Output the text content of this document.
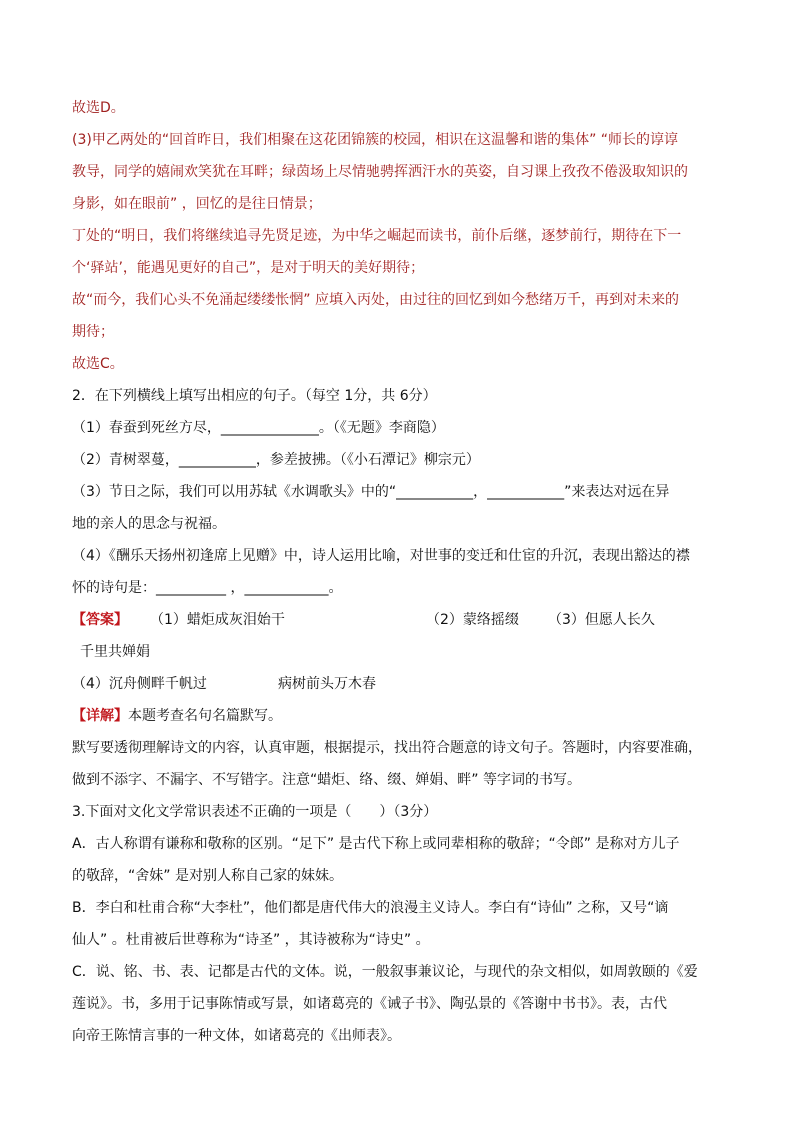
故选D。
(3)甲乙两处的“回首昨日，我们相聚在这花团锦簇的校园，相识在这温馨和谐的集体” “师长的谆谆
教导，同学的嬉闹欢笑犹在耳畔；绿茵场上尽情驰骋挥洒汗水的英姿，自习课上孜孜不倦汲取知识的
身影，如在眼前” ，回忆的是往日情景；
丁处的“明日，我们将继续追寻先贤足迹，为中华之崛起而读书，前仆后继，逐梦前行，期待在下一
个‘驿站’，能遇见更好的自己”，是对于明天的美好期待；
故“而今，我们心头不免涌起缕缕怅惘” 应填入丙处，由过往的回忆到如今愁绪万千，再到对未来的
期待；
故选C。
2．在下列横线上填写出相应的句子。（每空 1分，共 6分）
（1）春蚕到死丝方尽，______________。（《无题》李商隐）
（2）青树翠蔓，___________，参差披拂。（《小石潭记》柳宗元）
（3）节日之际，我们可以用苏轼《水调歌头》中的“___________，___________”来表达对远在异
地的亲人的思念与祝福。
（4）《酬乐天扬州初逢席上见赠》中，诗人运用比喻，对世事的变迁和仕宦的升沉，表现出豁达的襟
怀的诗句是：__________ ，____________。
【答案】 （1）蜡炬成灰泪始干	（2）蒙络摇缀 （3）但愿人长久
千里共婵娟
（4）沉舟侧畔千帆过	病树前头万木春
【详解】本题考查名句名篇默写。
默写要透彻理解诗文的内容，认真审题，根据提示，找出符合题意的诗文句子。答题时，内容要准确，
做到不添字、不漏字、不写错字。注意“蜡炬、络、缀、婵娟、畔” 等字词的书写。
3.下面对文化文学常识表述不正确的一项是（　　）（3分）
A．古人称谓有谦称和敬称的区别。“足下” 是古代下称上或同辈相称的敬辞；“令郎” 是称对方儿子
的敬辞，“舍妹” 是对别人称自己家的妹妹。
B．李白和杜甫合称“大李杜”，他们都是唐代伟大的浪漫主义诗人。李白有“诗仙” 之称，又号“谪
仙人” 。杜甫被后世尊称为“诗圣” ，其诗被称为“诗史” 。
C．说、铭、书、表、记都是古代的文体。说，一般叙事兼议论，与现代的杂文相似，如周敦颐的《爱
莲说》。书，多用于记事陈情或写景，如诸葛亮的《诫子书》、陶弘景的《答谢中书书》。表，古代
向帝王陈情言事的一种文体，如诸葛亮的《出师表》。
